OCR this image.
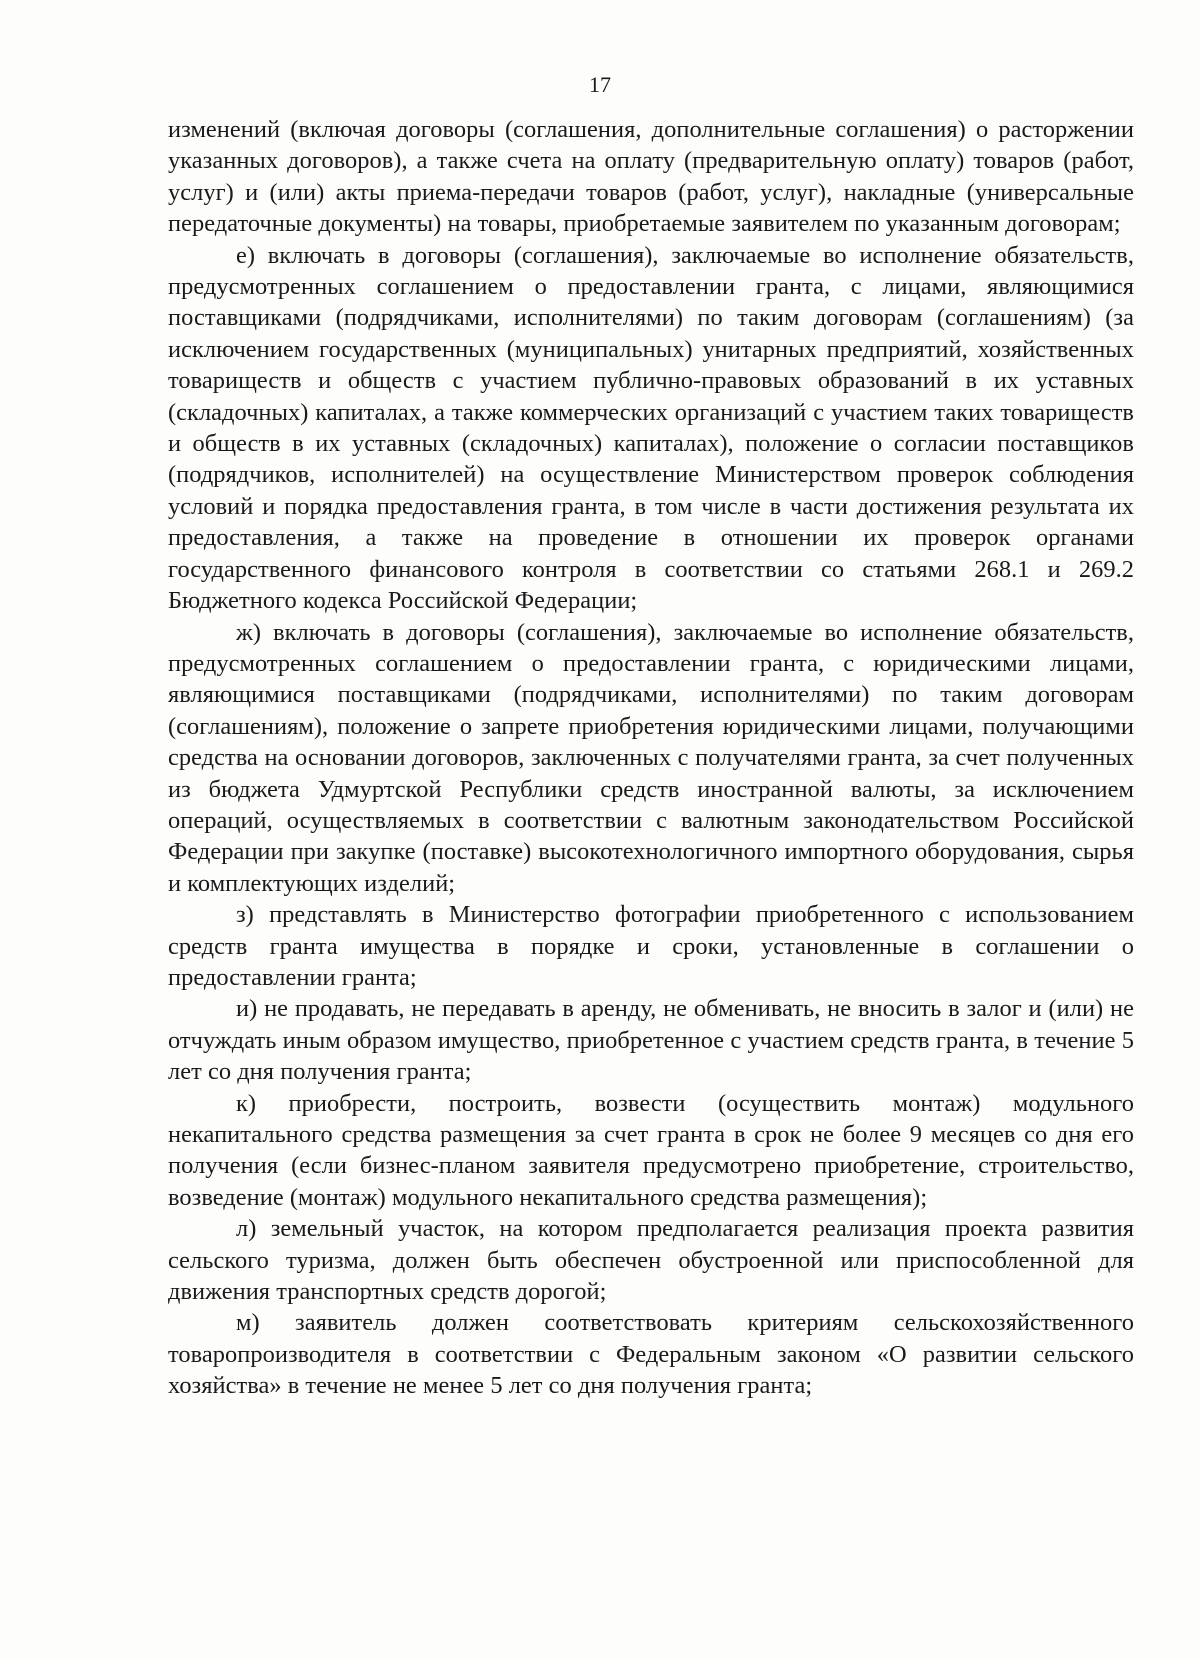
17

изменений (включая договоры (соглашения, дополнительные соглашения) о расторжении указанных договоров), а также счета на оплату (предварительную оплату) товаров (работ, услуг) и (или) акты приема-передачи товаров (работ, услуг), накладные (универсальные передаточные документы) на товары, приобретаемые заявителем по указанным договорам;

е) включать в договоры (соглашения), заключаемые во исполнение обязательств, предусмотренных соглашением о предоставлении гранта, с лицами, являющимися поставщиками (подрядчиками, исполнителями) по таким договорам (соглашениям) (за исключением государственных (муниципальных) унитарных предприятий, хозяйственных товариществ и обществ с участием публично-правовых образований в их уставных (складочных) капиталах, а также коммерческих организаций с участием таких товариществ и обществ в их уставных (складочных) капиталах), положение о согласии поставщиков (подрядчиков, исполнителей) на осуществление Министерством проверок соблюдения условий и порядка предоставления гранта, в том числе в части достижения результата их предоставления, а также на проведение в отношении их проверок органами государственного финансового контроля в соответствии со статьями 268.1 и 269.2 Бюджетного кодекса Российской Федерации;

ж) включать в договоры (соглашения), заключаемые во исполнение обязательств, предусмотренных соглашением о предоставлении гранта, с юридическими лицами, являющимися поставщиками (подрядчиками, исполнителями) по таким договорам (соглашениям), положение о запрете приобретения юридическими лицами, получающими средства на основании договоров, заключенных с получателями гранта, за счет полученных из бюджета Удмуртской Республики средств иностранной валюты, за исключением операций, осуществляемых в соответствии с валютным законодательством Российской Федерации при закупке (поставке) высокотехнологичного импортного оборудования, сырья и комплектующих изделий;

з) представлять в Министерство фотографии приобретенного с использованием средств гранта имущества в порядке и сроки, установленные в соглашении о предоставлении гранта;

и) не продавать, не передавать в аренду, не обменивать, не вносить в залог и (или) не отчуждать иным образом имущество, приобретенное с участием средств гранта, в течение 5 лет со дня получения гранта;

к) приобрести, построить, возвести (осуществить монтаж) модульного некапитального средства размещения за счет гранта в срок не более 9 месяцев со дня его получения (если бизнес-планом заявителя предусмотрено приобретение, строительство, возведение (монтаж) модульного некапитального средства размещения);

л) земельный участок, на котором предполагается реализация проекта развития сельского туризма, должен быть обеспечен обустроенной или приспособленной для движения транспортных средств дорогой;

м) заявитель должен соответствовать критериям сельскохозяйственного товаропроизводителя в соответствии с Федеральным законом «О развитии сельского хозяйства» в течение не менее 5 лет со дня получения гранта;
